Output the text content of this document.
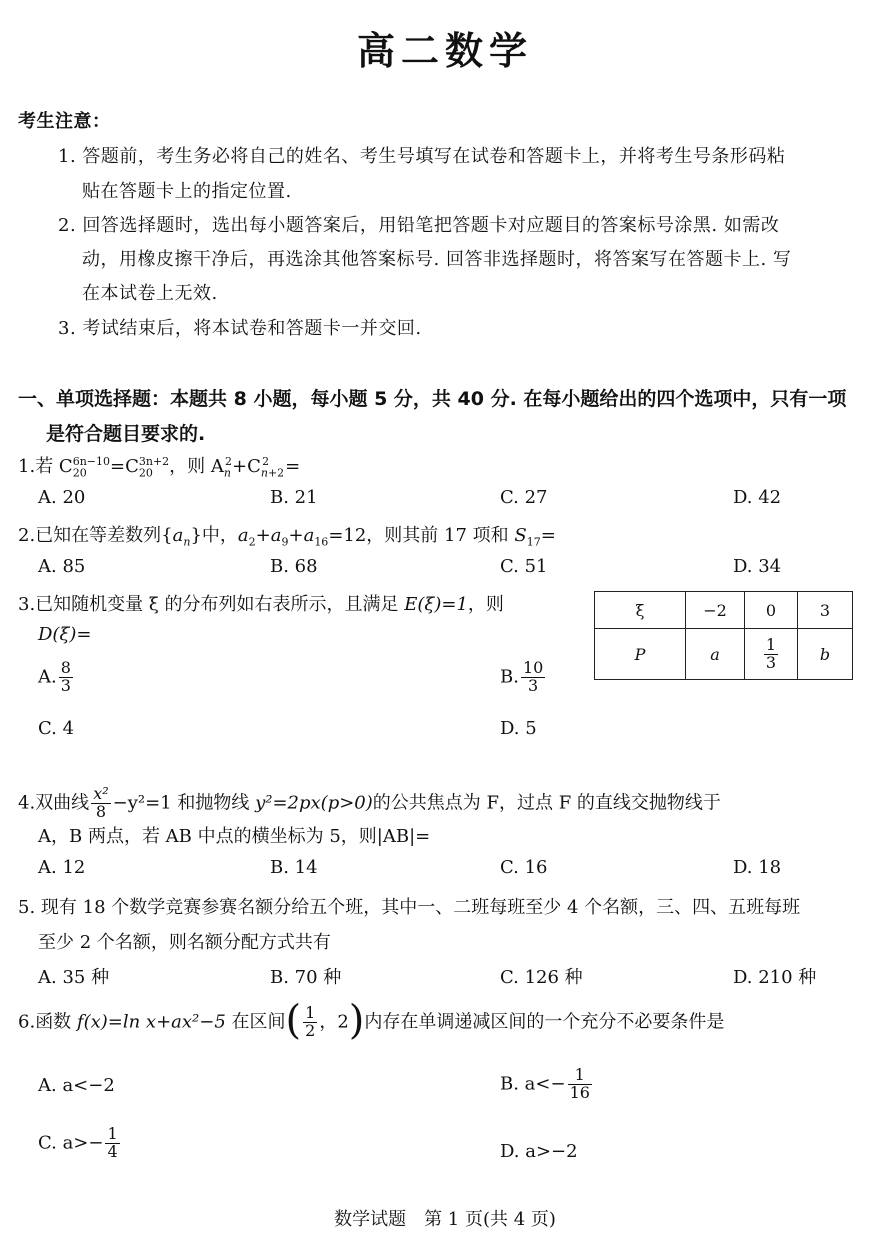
高二数学
考生注意：
1. 答题前，考生务必将自己的姓名、考生号填写在试卷和答题卡上，并将考生号条形码粘
贴在答题卡上的指定位置.
2. 回答选择题时，选出每小题答案后，用铅笔把答题卡对应题目的答案标号涂黑. 如需改
动，用橡皮擦干净后，再选涂其他答案标号. 回答非选择题时，将答案写在答题卡上. 写
在本试卷上无效.
3. 考试结束后，将本试卷和答题卡一并交回.
一、单项选择题：本题共 8 小题，每小题 5 分，共 40 分. 在每小题给出的四个选项中，只有一项
是符合题目要求的.
1.若 $C_{20}^{6n-10}=C_{20}^{3n+2}$，则 $A_n^2+C_{n+2}^2$ =
A. 20	B. 21	C. 27	D. 42
2.已知在等差数列$\{a_n\}$中，$a_2+a_9+a_{16}=12$，则其前 17 项和 $S_{17}=$
A. 85	B. 68	C. 51	D. 34
3.已知随机变量 ξ 的分布列如右表所示，且满足 E(ξ)=1，则
D(ξ)=
A. $\frac{8}{3}$	B. $\frac{10}{3}$
C. 4	D. 5
ξ	−2	0	3
P	a	$\frac{1}{3}$	b
4.双曲线 $\frac{\text{x²}}{8} -y^2=1$ 和抛物线 y²=2px(p>0)的公共焦点为 F，过点 F 的直线交抛物线于
A，B 两点，若 AB 中点的横坐标为 5，则|AB|=
A. 12	B. 14	C. 16	D. 18
5. 现有 18 个数学竞赛参赛名额分给五个班，其中一、二班每班至少 4 个名额，三、四、五班每班
至少 2 个名额，则名额分配方式共有
A. 35 种	B. 70 种	C. 126 种	D. 210 种
6.函数 f(x)=ln x+ax²−5 在区间( $\frac{1}{2}$ ，2)内存在单调递减区间的一个充分不必要条件是
A. a<−2	B. $a<- \frac{1}{16}$
C. $a>- \frac{1}{4}$	D. a>−2
数学试题　第 1 页(共 4 页)
